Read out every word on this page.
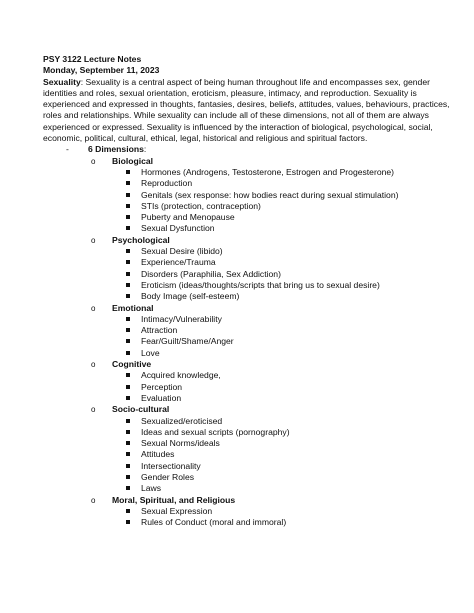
PSY 3122 Lecture Notes
Monday, September 11, 2023

Sexuality: Sexuality is a central aspect of being human throughout life and encompasses sex, gender identities and roles, sexual orientation, eroticism, pleasure, intimacy, and reproduction. Sexuality is experienced and expressed in thoughts, fantasies, desires, beliefs, attitudes, values, behaviours, practices, roles and relationships. While sexuality can include all of these dimensions, not all of them are always experienced or expressed. Sexuality is influenced by the interaction of biological, psychological, social, economic, political, cultural, ethical, legal, historical and religious and spiritual factors.

-	6 Dimensions :
o	Biological
Hormones (Androgens, Testosterone, Estrogen and Progesterone)
Reproduction
Genitals (sex response: how bodies react during sexual stimulation)
STIs (protection, contraception)
Puberty and Menopause
Sexual Dysfunction
o	Psychological
Sexual Desire (libido)
Experience/Trauma
Disorders (Paraphilia, Sex Addiction)
Eroticism (ideas/thoughts/scripts that bring us to sexual desire)
Body Image (self-esteem)
o	Emotional
Intimacy/Vulnerability
Attraction
Fear/Guilt/Shame/Anger
Love
o	Cognitive
Acquired knowledge,
Perception
Evaluation
o	Socio-cultural
Sexualized/eroticised
Ideas and sexual scripts (pornography)
Sexual Norms/ideals
Attitudes
Intersectionality
Gender Roles
Laws
o	Moral, Spiritual, and Religious
Sexual Expression
Rules of Conduct (moral and immoral)
